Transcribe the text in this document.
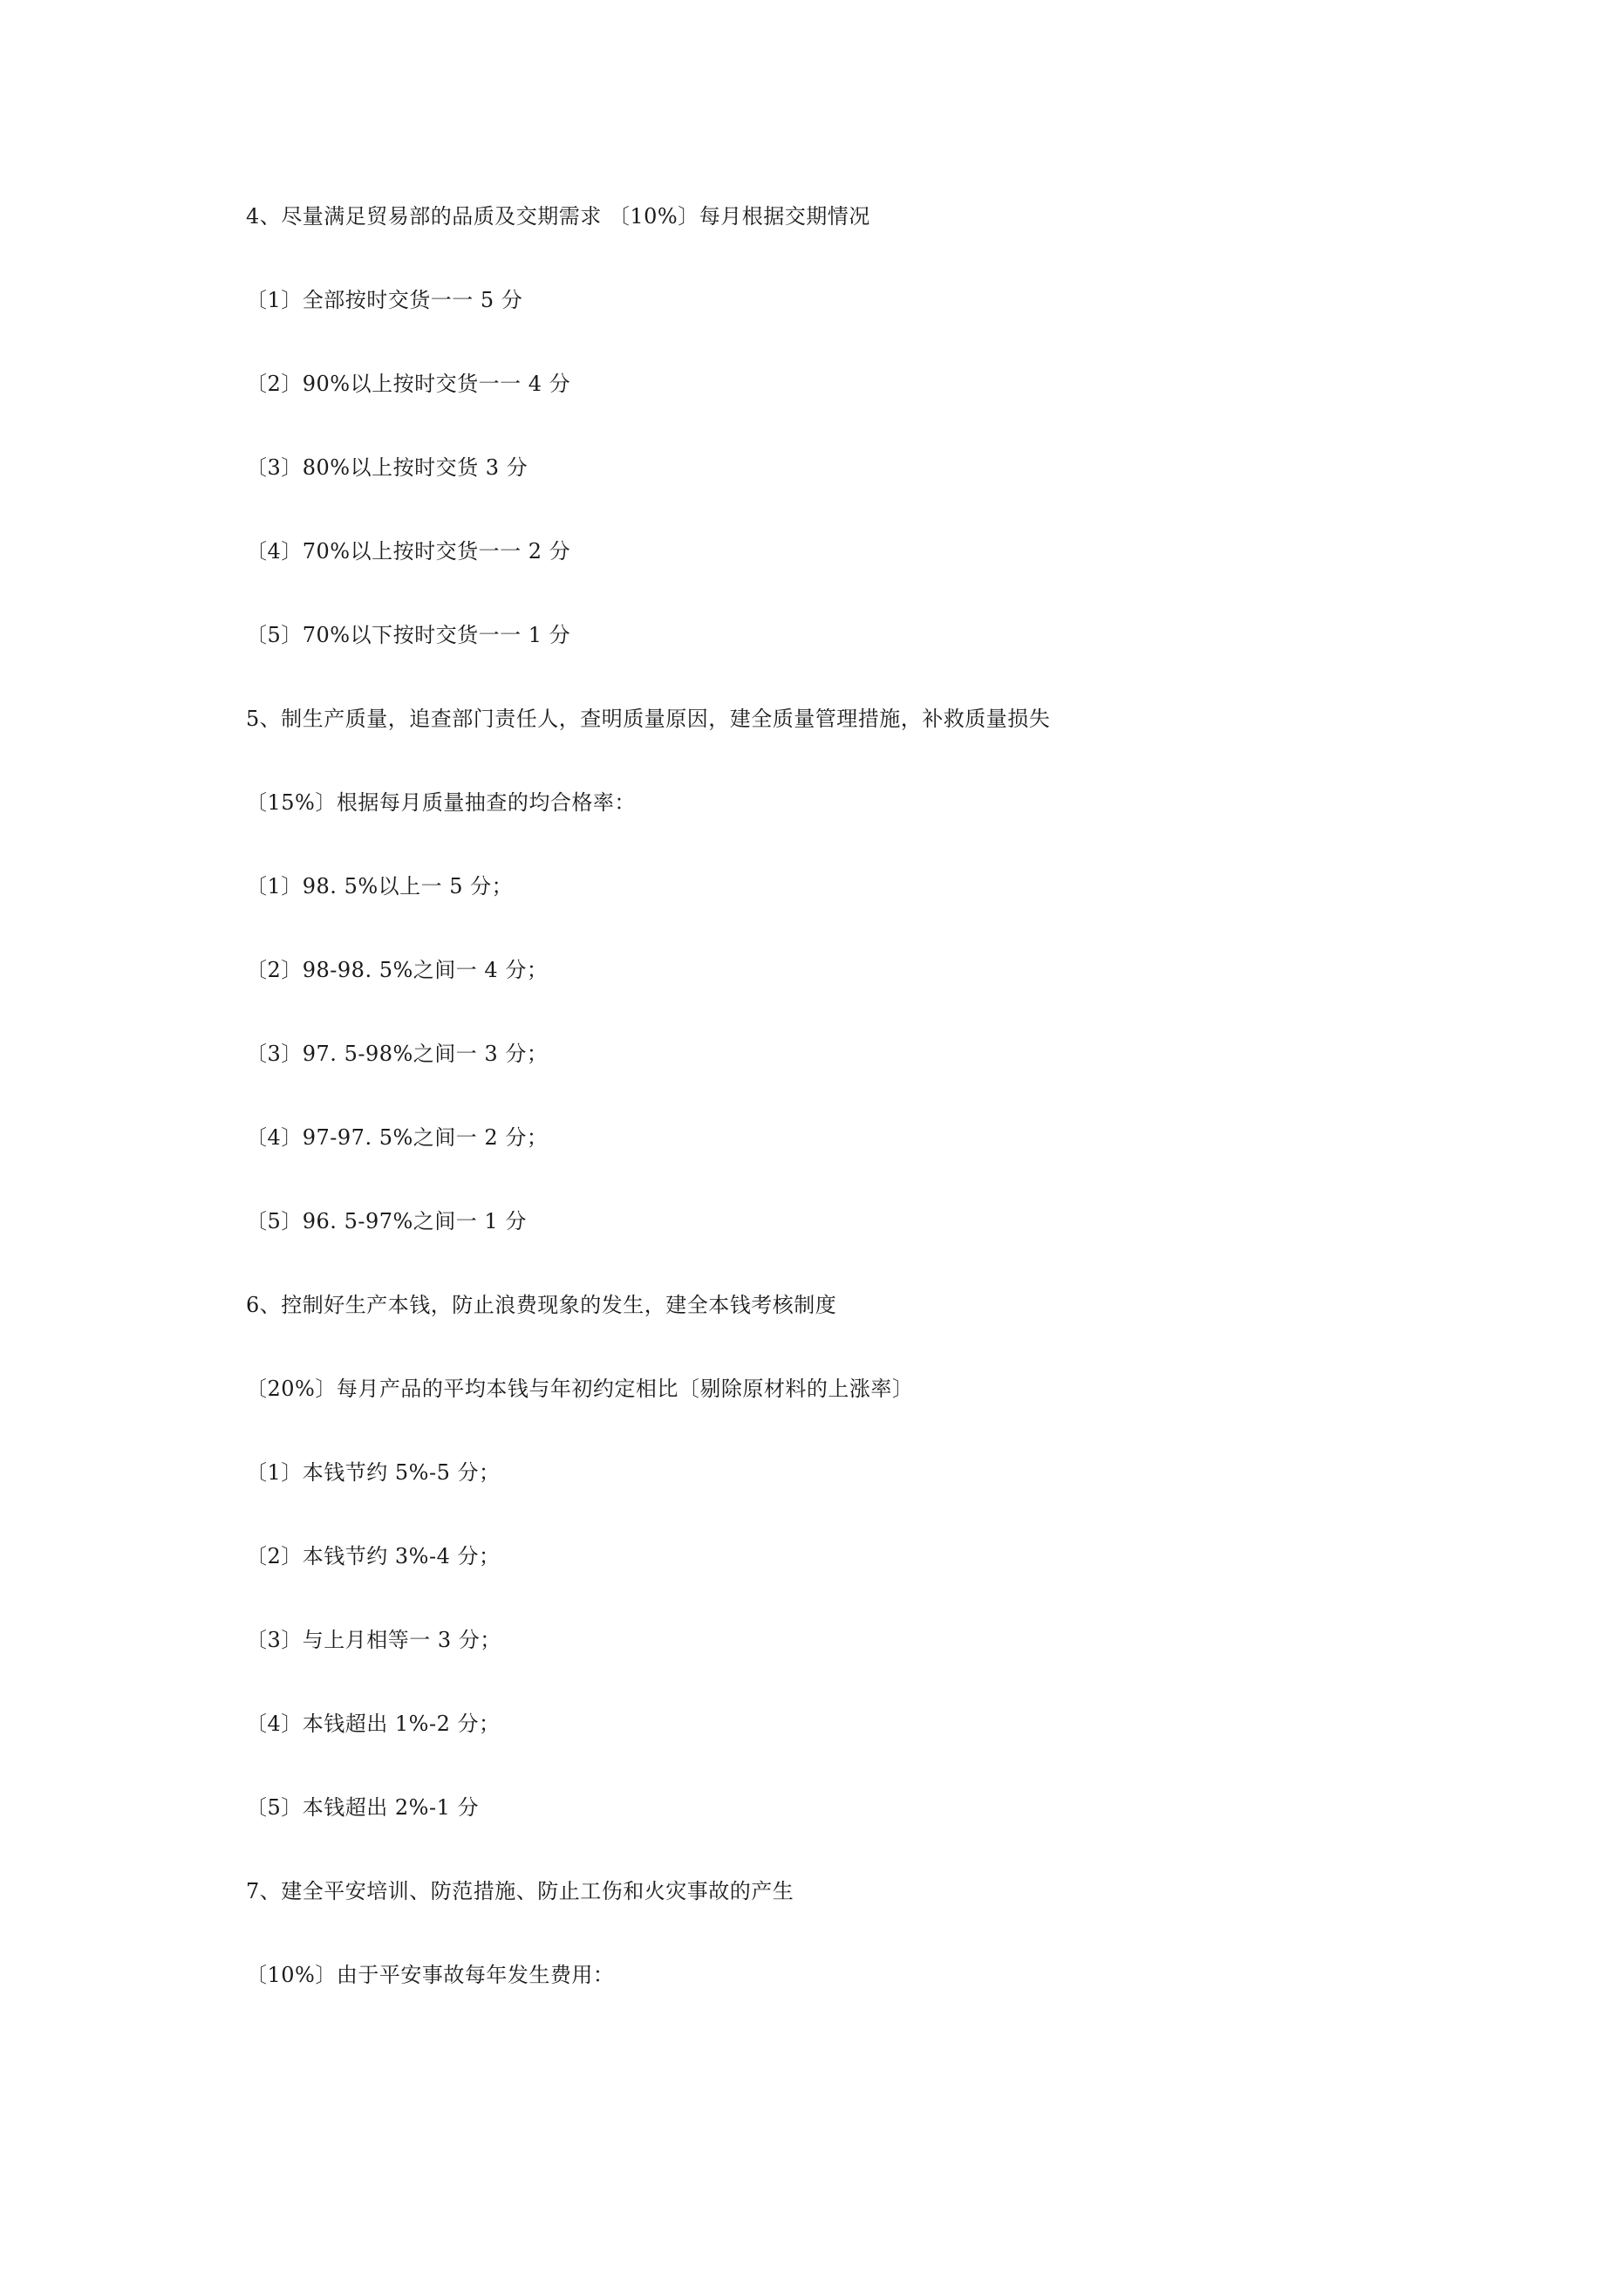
4、尽量满足贸易部的品质及交期需求 〔10%〕每月根据交期情况
〔1〕全部按时交货一一 5 分
〔2〕90%以上按时交货一一 4 分
〔3〕80%以上按时交货 3 分
〔4〕70%以上按时交货一一 2 分
〔5〕70%以下按时交货一一 1 分
5、制生产质量，追查部门责任人，查明质量原因，建全质量管理措施，补救质量损失
〔15%〕根据每月质量抽查的均合格率：
〔1〕98. 5%以上一 5 分；
〔2〕98-98. 5%之间一 4 分；
〔3〕97. 5-98%之间一 3 分；
〔4〕97-97. 5%之间一 2 分；
〔5〕96. 5-97%之间一 1 分
6、控制好生产本钱，防止浪费现象的发生，建全本钱考核制度
〔20%〕每月产品的平均本钱与年初约定相比〔剔除原材料的上涨率〕
〔1〕本钱节约 5%-5 分；
〔2〕本钱节约 3%-4 分；
〔3〕与上月相等一 3 分；
〔4〕本钱超出 1%-2 分；
〔5〕本钱超出 2%-1 分
7、建全平安培训、防范措施、防止工伤和火灾事故的产生
〔10%〕由于平安事故每年发生费用：
